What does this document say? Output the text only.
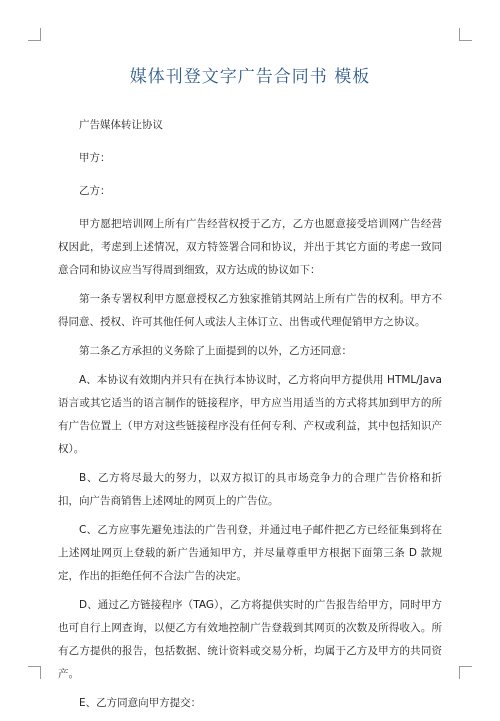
媒体刊登文字广告合同书 模板

广告媒体转让协议

甲方：

乙方：

甲方愿把培训网上所有广告经营权授于乙方，乙方也愿意接受培训网广告经营权因此，考虑到上述情况，双方特签署合同和协议，并出于其它方面的考虑一致同意合同和协议应当写得周到细致，双方达成的协议如下：

第一条专署权利甲方愿意授权乙方独家推销其网站上所有广告的权利。甲方不得同意、授权、许可其他任何人或法人主体订立、出售或代理促销甲方之协议。

第二条乙方承担的义务除了上面提到的以外，乙方还同意：

A、本协议有效期内并只有在执行本协议时，乙方将向甲方提供用 HTML/Java 语言或其它适当的语言制作的链接程序，甲方应当用适当的方式将其加到甲方的所有广告位置上（甲方对这些链接程序没有任何专利、产权或利益，其中包括知识产权）。

B、乙方将尽最大的努力，以双方拟订的具市场竞争力的合理广告价格和折扣，向广告商销售上述网址的网页上的广告位。

C、乙方应事先避免违法的广告刊登，并通过电子邮件把乙方已经征集到将在上述网址网页上登载的新广告通知甲方，并尽量尊重甲方根据下面第三条 D 款规定，作出的拒绝任何不合法广告的决定。

D、通过乙方链接程序（TAG），乙方将提供实时的广告报告给甲方，同时甲方也可自行上网查询，以便乙方有效地控制广告登载到其网页的次数及所得收入。所有乙方提供的报告，包括数据、统计资料或交易分析，均属于乙方及甲方的共同资产。

E、乙方同意向甲方提交：
